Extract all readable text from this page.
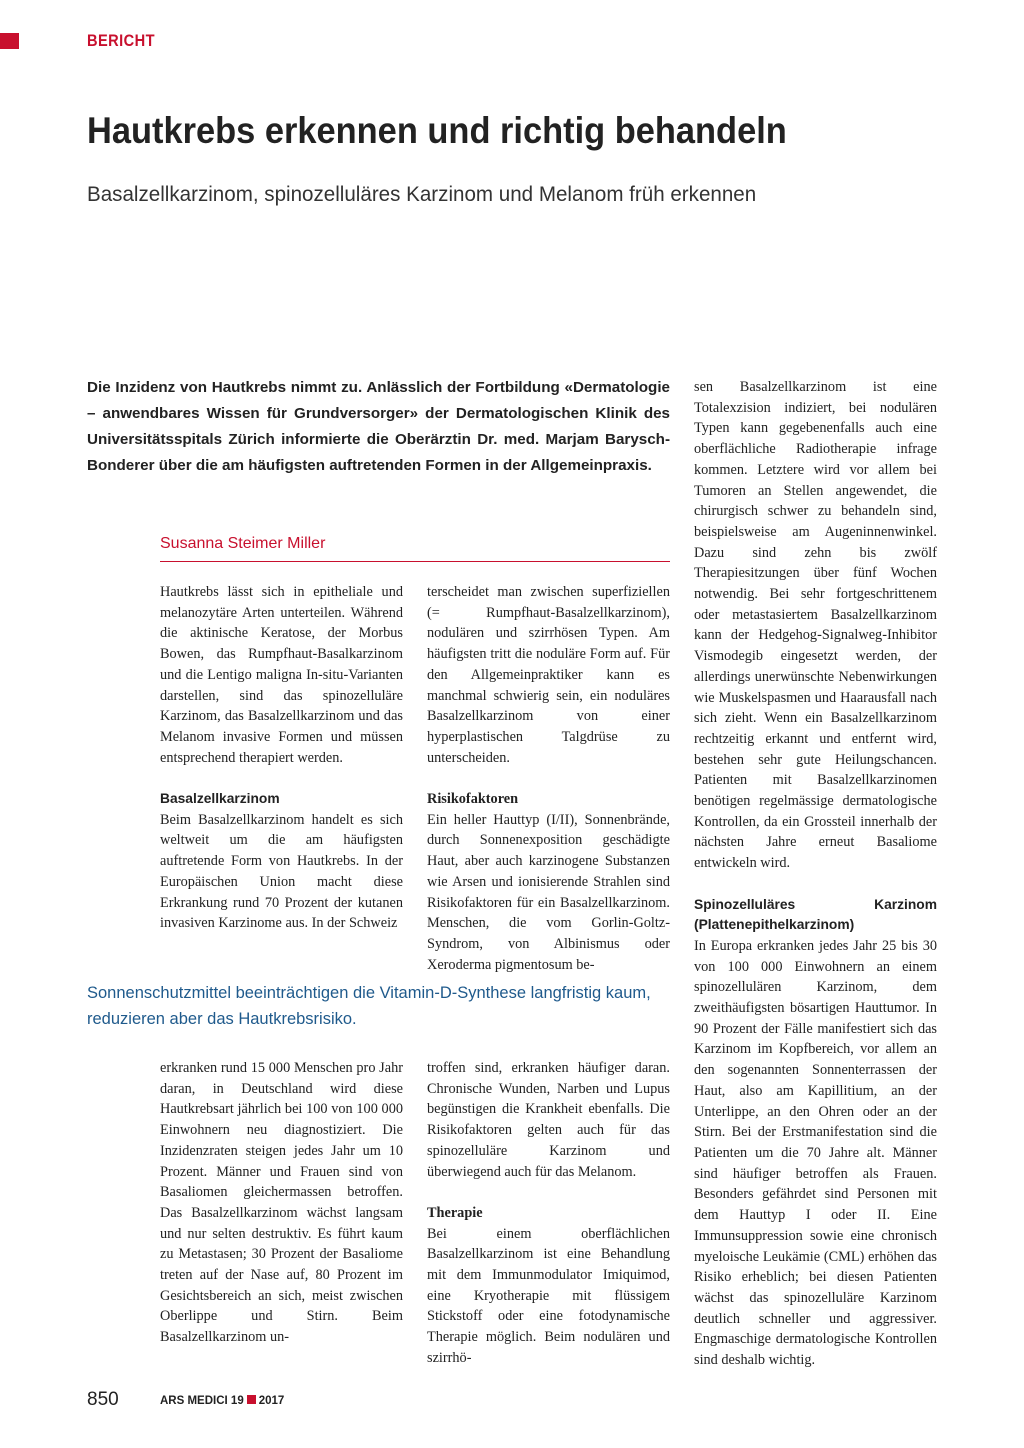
BERICHT
Hautkrebs erkennen und richtig behandeln
Basalzellkarzinom, spinozelluläres Karzinom und Melanom früh erkennen

Die Inzidenz von Hautkrebs nimmt zu. Anlässlich der Fortbildung «Dermatologie – anwendbares Wissen für Grundversorger» der Dermatologischen Klinik des Universitätsspitals Zürich informierte die Oberärztin Dr. med. Marjam Barysch-Bonderer über die am häufigsten auftretenden Formen in der Allgemeinpraxis.

Susanna Steimer Miller

Hautkrebs lässt sich in epitheliale und melanozytäre Arten unterteilen. Während die aktinische Keratose, der Morbus Bowen, das Rumpfhaut-Basalkarzinom und die Lentigo maligna In-situ-Varianten darstellen, sind das spinozelluläre Karzinom, das Basalzellkarzinom und das Melanom invasive Formen und müssen entsprechend therapiert werden.

Basalzellkarzinom

Beim Basalzellkarzinom handelt es sich weltweit um die am häufigsten auftretende Form von Hautkrebs. In der Europäischen Union macht diese Erkrankung rund 70 Prozent der kutanen invasiven Karzinome aus. In der Schweiz

terscheidet man zwischen superfiziellen (= Rumpfhaut-Basalzellkarzinom), nodulären und szirrhösen Typen. Am häufigsten tritt die noduläre Form auf. Für den Allgemeinpraktiker kann es manchmal schwierig sein, ein noduläres Basalzellkarzinom von einer hyperplastischen Talgdrüse zu unterscheiden.

Risikofaktoren

Ein heller Hauttyp (I/II), Sonnenbrände, durch Sonnenexposition geschädigte Haut, aber auch karzinogene Substanzen wie Arsen und ionisierende Strahlen sind Risikofaktoren für ein Basalzellkarzinom. Menschen, die vom Gorlin-Goltz-Syndrom, von Albinismus oder Xeroderma pigmentosum be-

Sonnenschutzmittel beeinträchtigen die Vitamin-D-Synthese langfristig kaum, reduzieren aber das Hautkrebsrisiko.

erkranken rund 15 000 Menschen pro Jahr daran, in Deutschland wird diese Hautkrebsart jährlich bei 100 von 100 000 Einwohnern neu diagnostiziert. Die Inzidenzraten steigen jedes Jahr um 10 Prozent. Männer und Frauen sind von Basaliomen gleichermassen betroffen. Das Basalzellkarzinom wächst langsam und nur selten destruktiv. Es führt kaum zu Metastasen; 30 Prozent der Basaliome treten auf der Nase auf, 80 Prozent im Gesichtsbereich an sich, meist zwischen Oberlippe und Stirn. Beim Basalzellkarzinom un-

troffen sind, erkranken häufiger daran. Chronische Wunden, Narben und Lupus begünstigen die Krankheit ebenfalls. Die Risikofaktoren gelten auch für das spinozelluläre Karzinom und überwiegend auch für das Melanom.

Therapie

Bei einem oberflächlichen Basalzellkarzinom ist eine Behandlung mit dem Immunmodulator Imiquimod, eine Kryotherapie mit flüssigem Stickstoff oder eine fotodynamische Therapie möglich. Beim nodulären und szirrhö-

sen Basalzellkarzinom ist eine Totalexzision indiziert, bei nodulären Typen kann gegebenenfalls auch eine oberflächliche Radiotherapie infrage kommen. Letztere wird vor allem bei Tumoren an Stellen angewendet, die chirurgisch schwer zu behandeln sind, beispielsweise am Augeninnenwinkel. Dazu sind zehn bis zwölf Therapiesitzungen über fünf Wochen notwendig. Bei sehr fortgeschrittenem oder metastasiertem Basalzellkarzinom kann der Hedgehog-Signalweg-Inhibitor Vismodegib eingesetzt werden, der allerdings unerwünschte Nebenwirkungen wie Muskelspasmen und Haarausfall nach sich zieht. Wenn ein Basalzellkarzinom rechtzeitig erkannt und entfernt wird, bestehen sehr gute Heilungschancen. Patienten mit Basalzellkarzinomen benötigen regelmässige dermatologische Kontrollen, da ein Grossteil innerhalb der nächsten Jahre erneut Basaliome entwickeln wird.

Spinozelluläres Karzinom (Plattenepithelkarzinom)

In Europa erkranken jedes Jahr 25 bis 30 von 100 000 Einwohnern an einem spinozellulären Karzinom, dem zweithäufigsten bösartigen Hauttumor. In 90 Prozent der Fälle manifestiert sich das Karzinom im Kopfbereich, vor allem an den sogenannten Sonnenterrassen der Haut, also am Kapillitium, an der Unterlippe, an den Ohren oder an der Stirn. Bei der Erstmanifestation sind die Patienten um die 70 Jahre alt. Männer sind häufiger betroffen als Frauen. Besonders gefährdet sind Personen mit dem Hauttyp I oder II. Eine Immunsuppression sowie eine chronisch myeloische Leukämie (CML) erhöhen das Risiko erheblich; bei diesen Patienten wächst das spinozelluläre Karzinom deutlich schneller und aggressiver. Engmaschige dermatologische Kontrollen sind deshalb wichtig.

850	ARS MEDICI 19 2017
